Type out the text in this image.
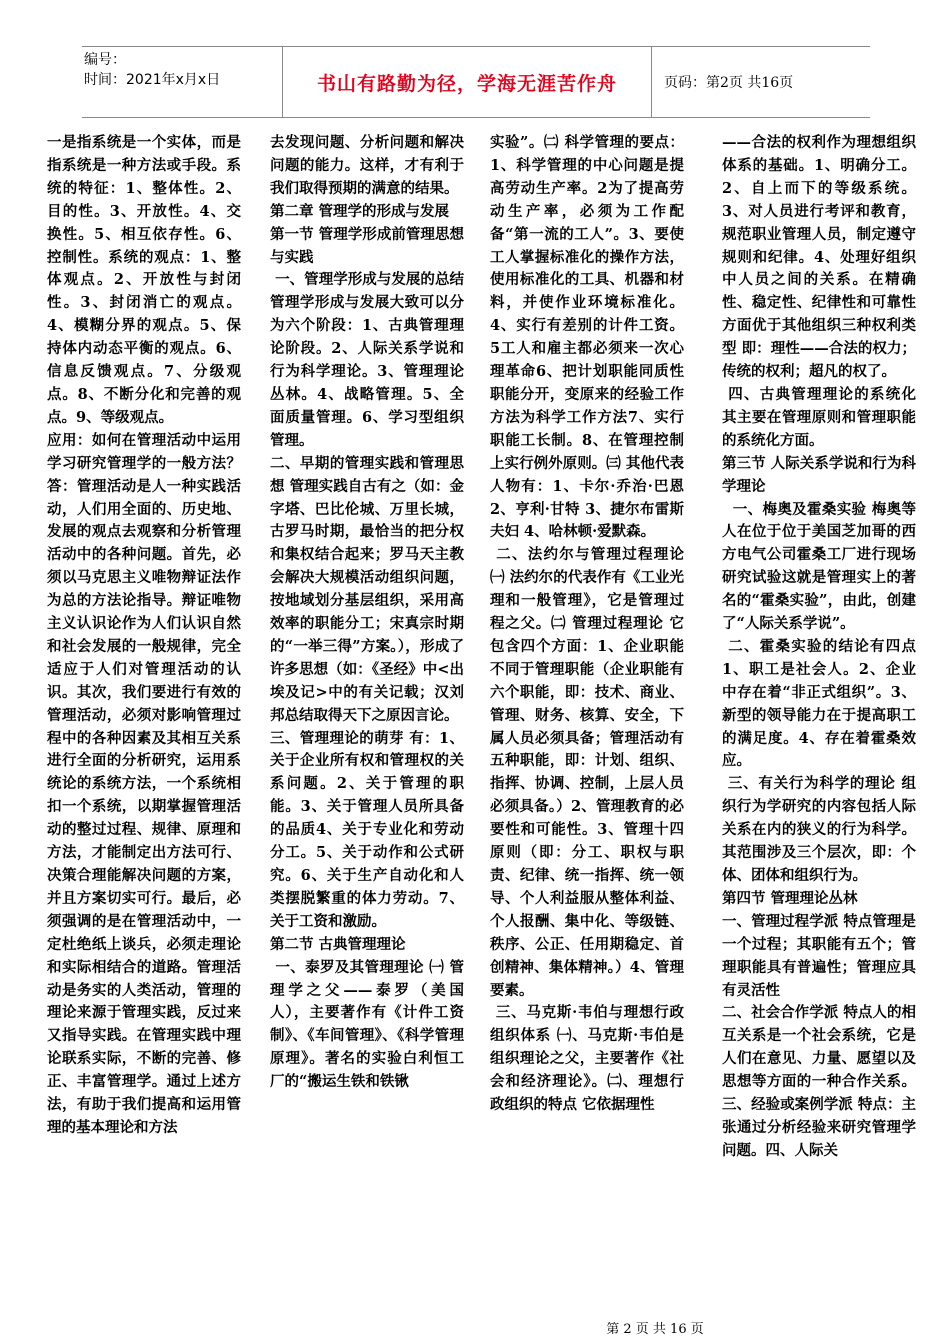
编号：
时间：2021年x月x日	书山有路勤为径，学海无涯苦作舟	页码：第2页 共16页
一是指系统是一个实体，而是指系统是一种方法或手段。系统的特征：1、整体性。2、目的性。3、开放性。4、交换性。5、相互依存性。6、控制性。系统的观点：1、整体观点。2、开放性与封闭性。3、封闭消亡的观点。4、模糊分界的观点。5、保持体内动态平衡的观点。6、信息反馈观点。7、分级观点。8、不断分化和完善的观点。9、等级观点。
应用：如何在管理活动中运用学习研究管理学的一般方法？ 答：管理活动是人一种实践活动，人们用全面的、历史地、发展的观点去观察和分析管理活动中的各种问题。首先，必须以马克思主义唯物辩证法作为总的方法论指导。辩证唯物主义认识论作为人们认识自然和社会发展的一般规律，完全适应于人们对管理活动的认识。其次，我们要进行有效的管理活动，必须对影响管理过程中的各种因素及其相互关系进行全面的分析研究，运用系统论的系统方法，一个系统相扣一个系统，以期掌握管理活动的整过过程、规律、原理和方法，才能制定出方法可行、决策合理能解决问题的方案，并且方案切实可行。最后，必须强调的是在管理活动中，一定杜绝纸上谈兵，必须走理论和实际相结合的道路。管理活动是务实的人类活动，管理的理论来源于管理实践，反过来又指导实践。在管理实践中理论联系实际，不断的完善、修正、丰富管理学。通过上述方法，有助于我们提高和运用管理的基本理论和方法
去发现问题、分析问题和解决问题的能力。这样，才有利于我们取得预期的满意的结果。
第二章 管理学的形成与发展
第一节 管理学形成前管理思想与实践
一、管理学形成与发展的总结 管理学形成与发展大致可以分为六个阶段：1、古典管理理论阶段。2、人际关系学说和行为科学理论。3、管理理论丛林。4、战略管理。5、全面质量管理。6、学习型组织管理。
二、早期的管理实践和管理思想 管理实践自古有之（如：金字塔、巴比伦城、万里长城，古罗马时期，最恰当的把分权和集权结合起来；罗马天主教会解决大规模活动组织问题，按地域划分基层组织，采用高效率的职能分工；宋真宗时期的“一举三得”方案。），形成了许多思想（如：《圣经》中<出埃及记>中的有关记载；汉刘邦总结取得天下之原因言论。
三、管理理论的萌芽 有：1、关于企业所有权和管理权的关系问题。2、关于管理的职能。3、关于管理人员所具备的品质4、关于专业化和劳动分工。5、关于动作和公式研究。6、关于生产自动化和人类摆脱繁重的体力劳动。7、关于工资和激励。
第二节 古典管理理论
一、泰罗及其管理理论 ㈠ 管理学之父——泰罗（美国人），主要著作有《计件工资制》、《车间管理》、《科学管理原理》。著名的实验白利恒工厂的“搬运生铁和铁锹
实验”。㈡ 科学管理的要点：1、科学管理的中心问题是提高劳动生产率。2为了提高劳动生产率，必须为工作配备“第一流的工人”。3、要使工人掌握标准化的操作方法，使用标准化的工具、机器和材料，并使作业环境标准化。4、实行有差别的计件工资。5工人和雇主都必须来一次心理革命6、把计划职能同质性职能分开，变原来的经验工作方法为科学工作方法7、实行职能工长制。8、在管理控制上实行例外原则。㈢ 其他代表人物有：1、卡尔·乔治·巴恩2、亨利·甘特 3、捷尔布雷斯夫妇 4、哈林顿·爱默森。
二、法约尔与管理过程理论 ㈠ 法约尔的代表作有《工业光理和一般管理》，它是管理过程之父。㈡ 管理过程理论 它包含四个方面：1、企业职能不同于管理职能（企业职能有六个职能，即：技术、商业、管理、财务、核算、安全，下属人员必须具备；管理活动有五种职能，即：计划、组织、指挥、协调、控制，上层人员必须具备。）2、管理教育的必要性和可能性。3、管理十四原则（即：分工、职权与职责、纪律、统一指挥、统一领导、个人利益服从整体利益、个人报酬、集中化、等级链、秩序、公正、任用期稳定、首创精神、集体精神。）4、管理要素。
三、马克斯·韦伯与理想行政组织体系 ㈠、马克斯·韦伯是组织理论之父，主要著作《社会和经济理论》。㈡、理想行政组织的特点 它依据理性
——合法的权利作为理想组织体系的基础。1、明确分工。2、自上而下的等级系统。3、对人员进行考评和教育，规范职业管理人员，制定遵守规则和纪律。4、处理好组织中人员之间的关系。在精确性、稳定性、纪律性和可靠性方面优于其他组织三种权利类型 即：理性——合法的权力；传统的权利；超凡的权了。
四、古典管理理论的系统化 其主要在管理原则和管理职能的系统化方面。
第三节 人际关系学说和行为科学理论
一、梅奥及霍桑实验 梅奥等人在位于位于美国芝加哥的西方电气公司霍桑工厂进行现场研究试验这就是管理实上的著名的“霍桑实验”，由此，创建了“人际关系学说”。
二、霍桑实验的结论有四点1、职工是社会人。2、企业中存在着“非正式组织”。3、新型的领导能力在于提高职工的满足度。4、存在着霍桑效应。
三、有关行为科学的理论 组织行为学研究的内容包括人际关系在内的狭义的行为科学。其范围涉及三个层次，即：个体、团体和组织行为。
第四节 管理理论丛林
一、管理过程学派 特点管理是一个过程；其职能有五个；管理职能具有普遍性；管理应具有灵活性
二、社会合作学派 特点人的相互关系是一个社会系统，它是人们在意见、力量、愿望以及思想等方面的一种合作关系。三、经验或案例学派 特点：主张通过分析经验来研究管理学问题。四、人际关
第 2 页 共 16 页
